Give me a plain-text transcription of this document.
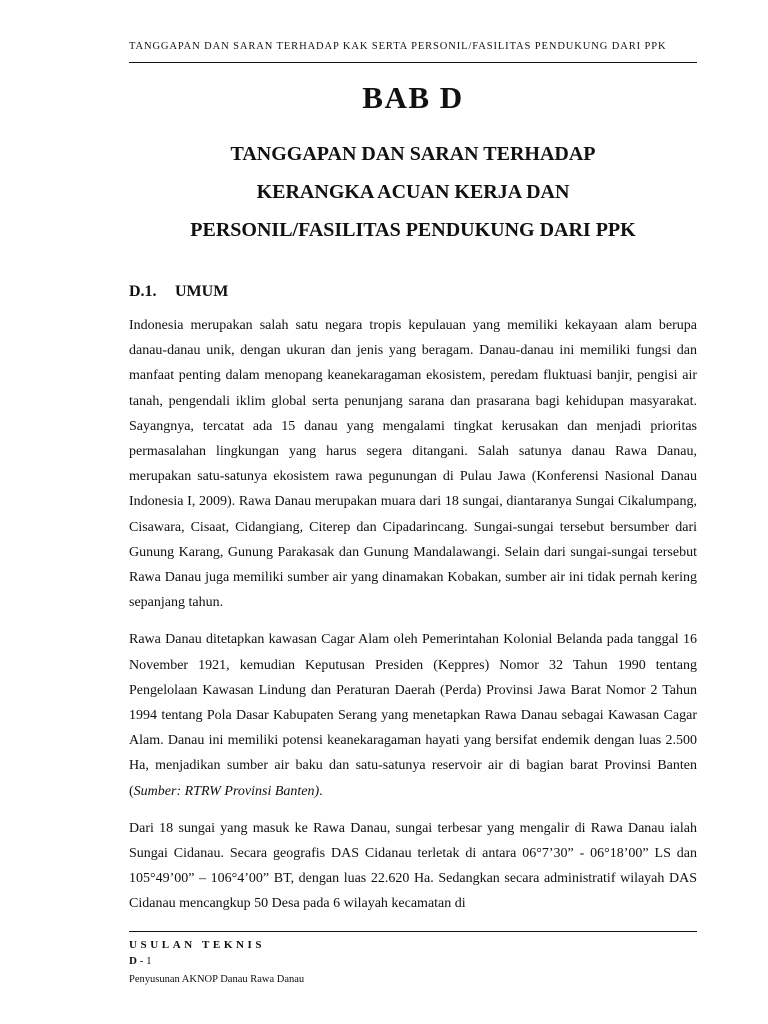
TANGGAPAN DAN SARAN TERHADAP KAK SERTA PERSONIL/FASILITAS PENDUKUNG DARI PPK
BAB D
TANGGAPAN DAN SARAN TERHADAP
KERANGKA ACUAN KERJA DAN
PERSONIL/FASILITAS PENDUKUNG DARI PPK
D.1. UMUM

Indonesia merupakan salah satu negara tropis kepulauan yang memiliki kekayaan alam berupa danau-danau unik, dengan ukuran dan jenis yang beragam. Danau-danau ini memiliki fungsi dan manfaat penting dalam menopang keanekaragaman ekosistem, peredam fluktuasi banjir, pengisi air tanah, pengendali iklim global serta penunjang sarana dan prasarana bagi kehidupan masyarakat. Sayangnya, tercatat ada 15 danau yang mengalami tingkat kerusakan dan menjadi prioritas permasalahan lingkungan yang harus segera ditangani. Salah satunya danau Rawa Danau, merupakan satu-satunya ekosistem rawa pegunungan di Pulau Jawa (Konferensi Nasional Danau Indonesia I, 2009). Rawa Danau merupakan muara dari 18 sungai, diantaranya Sungai Cikalumpang, Cisawara, Cisaat, Cidangiang, Citerep dan Cipadarincang. Sungai-sungai tersebut bersumber dari Gunung Karang, Gunung Parakasak dan Gunung Mandalawangi. Selain dari sungai-sungai tersebut Rawa Danau juga memiliki sumber air yang dinamakan Kobakan, sumber air ini tidak pernah kering sepanjang tahun.

Rawa Danau ditetapkan kawasan Cagar Alam oleh Pemerintahan Kolonial Belanda pada tanggal 16 November 1921, kemudian Keputusan Presiden (Keppres) Nomor 32 Tahun 1990 tentang Pengelolaan Kawasan Lindung dan Peraturan Daerah (Perda) Provinsi Jawa Barat Nomor 2 Tahun 1994 tentang Pola Dasar Kabupaten Serang yang menetapkan Rawa Danau sebagai Kawasan Cagar Alam. Danau ini memiliki potensi keanekaragaman hayati yang bersifat endemik dengan luas 2.500 Ha, menjadikan sumber air baku dan satu-satunya reservoir air di bagian barat Provinsi Banten (Sumber: RTRW Provinsi Banten).

Dari 18 sungai yang masuk ke Rawa Danau, sungai terbesar yang mengalir di Rawa Danau ialah Sungai Cidanau. Secara geografis DAS Cidanau terletak di antara 06°7’30” - 06°18’00” LS dan 105°49’00” – 106°4’00” BT, dengan luas 22.620 Ha. Sedangkan secara administratif wilayah DAS Cidanau mencangkup 50 Desa pada 6 wilayah kecamatan di

USULAN TEKNIS
D - 1
Penyusunan AKNOP Danau Rawa Danau
